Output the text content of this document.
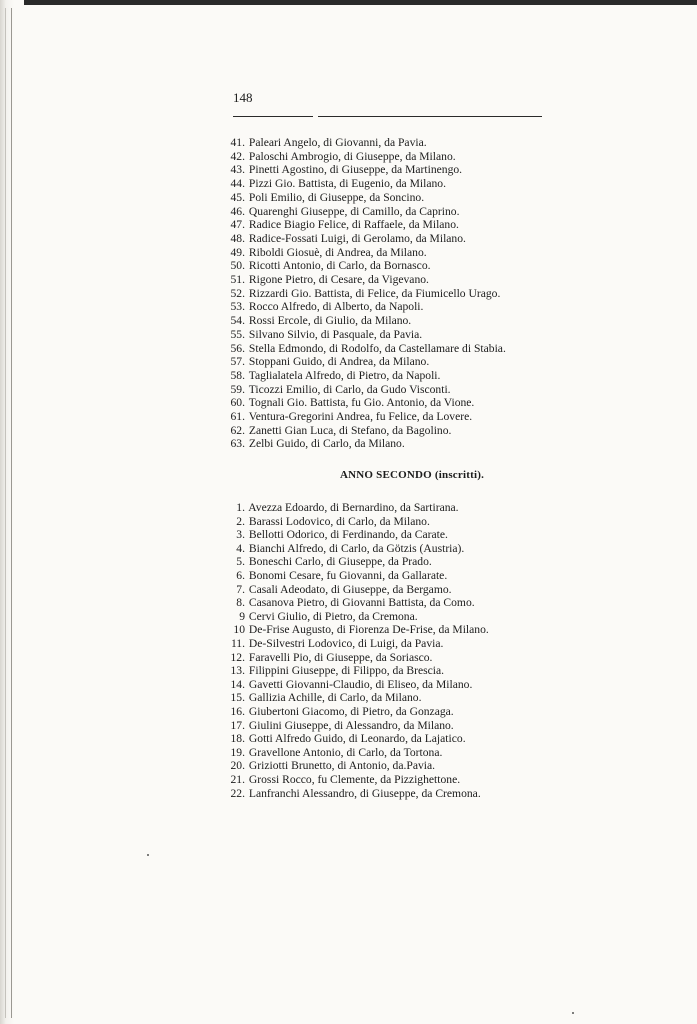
148
41. Paleari Angelo, di Giovanni, da Pavia.
42. Paloschi Ambrogio, di Giuseppe, da Milano.
43. Pinetti Agostino, di Giuseppe, da Martinengo.
44. Pizzi Gio. Battista, di Eugenio, da Milano.
45. Poli Emilio, di Giuseppe, da Soncino.
46. Quarenghi Giuseppe, di Camillo, da Caprino.
47. Radice Biagio Felice, di Raffaele, da Milano.
48. Radice-Fossati Luigi, di Gerolamo, da Milano.
49. Riboldi Giosuè, di Andrea, da Milano.
50. Ricotti Antonio, di Carlo, da Bornasco.
51. Rigone Pietro, di Cesare, da Vigevano.
52. Rizzardi Gio. Battista, di Felice, da Fiumicello Urago.
53. Rocco Alfredo, di Alberto, da Napoli.
54. Rossi Ercole, di Giulio, da Milano.
55. Silvano Silvio, di Pasquale, da Pavia.
56. Stella Edmondo, di Rodolfo, da Castellamare di Stabia.
57. Stoppani Guido, di Andrea, da Milano.
58. Taglialatela Alfredo, di Pietro, da Napoli.
59. Ticozzi Emilio, di Carlo, da Gudo Visconti.
60. Tognali Gio. Battista, fu Gio. Antonio, da Vione.
61. Ventura-Gregorini Andrea, fu Felice, da Lovere.
62. Zanetti Gian Luca, di Stefano, da Bagolino.
63. Zelbi Guido, di Carlo, da Milano.
ANNO SECONDO (inscritti).
1. Avezza Edoardo, di Bernardino, da Sartirana.
2. Barassi Lodovico, di Carlo, da Milano.
3. Bellotti Odorico, di Ferdinando, da Carate.
4. Bianchi Alfredo, di Carlo, da Götzis (Austria).
5. Boneschi Carlo, di Giuseppe, da Prado.
6. Bonomi Cesare, fu Giovanni, da Gallarate.
7. Casali Adeodato, di Giuseppe, da Bergamo.
8. Casanova Pietro, di Giovanni Battista, da Como.
9 Cervi Giulio, di Pietro, da Cremona.
10 De-Frise Augusto, di Fiorenza De-Frise, da Milano.
11. De-Silvestri Lodovico, di Luigi, da Pavia.
12. Faravelli Pio, di Giuseppe, da Soriasco.
13. Filippini Giuseppe, di Filippo, da Brescia.
14. Gavetti Giovanni-Claudio, di Eliseo, da Milano.
15. Gallizia Achille, di Carlo, da Milano.
16. Giubertoni Giacomo, di Pietro, da Gonzaga.
17. Giulini Giuseppe, di Alessandro, da Milano.
18. Gotti Alfredo Guido, di Leonardo, da Lajatico.
19. Gravellone Antonio, di Carlo, da Tortona.
20. Griziotti Brunetto, di Antonio, da.Pavia.
21. Grossi Rocco, fu Clemente, da Pizzighettone.
22. Lanfranchi Alessandro, di Giuseppe, da Cremona.
